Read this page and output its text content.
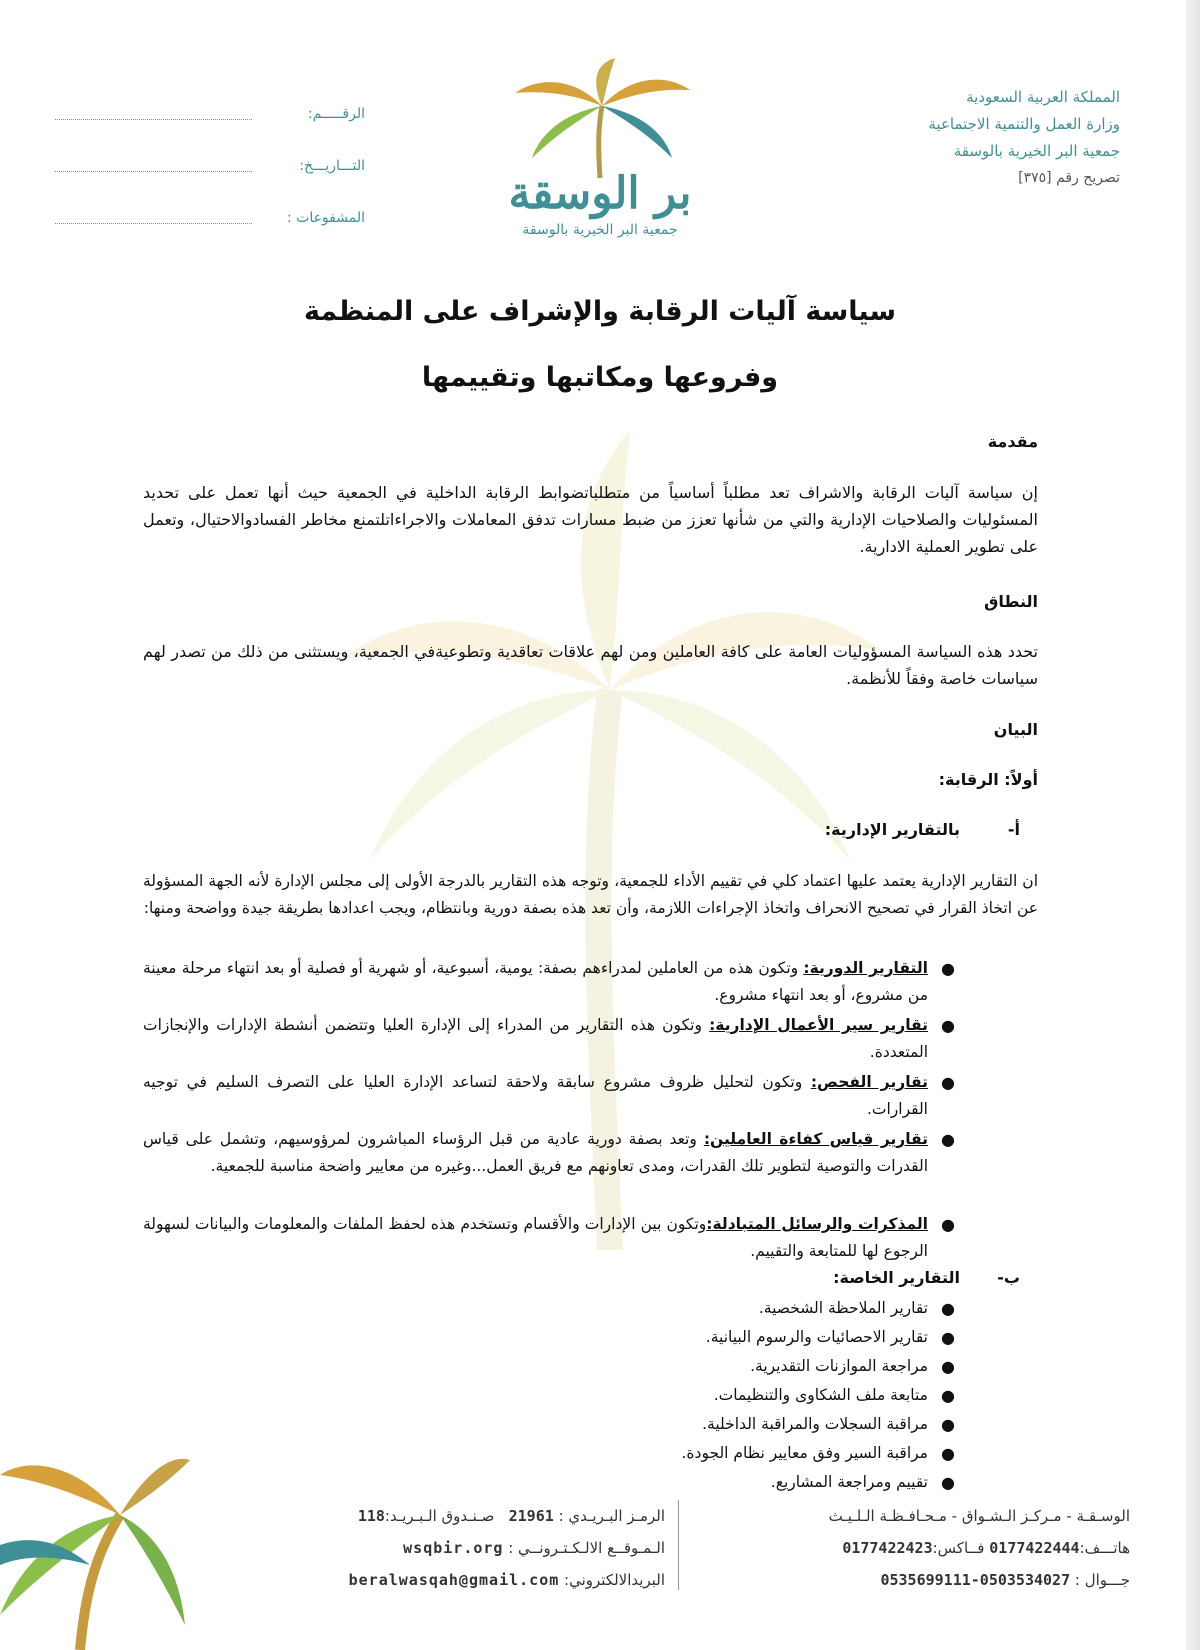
المملكة العربية السعودية
وزارة العمل والتنمية الاجتماعية
جمعية البر الخيرية بالوسقة
تصريح رقم [٣٧٥]
بر الوسقة
جمعية البر الخيرية بالوسقة
الرقـــــم:
التـــاريـــخ:
المشفوعات :
سياسة آليات الرقابة والإشراف على المنظمة
وفروعها ومكاتبها وتقييمها
مقدمة
إن سياسة آليات الرقابة والاشراف تعد مطلباً أساسياً من متطلباتضوابط الرقابة الداخلية في الجمعية حيث أنها تعمل على تحديد المسئوليات والصلاحيات الإدارية والتي من شأنها تعزز من ضبط مسارات تدفق المعاملات والاجراءاتلتمنع مخاطر الفسادوالاحتيال، وتعمل على تطوير العملية الادارية.
النطاق
تحدد هذه السياسة المسؤوليات العامة على كافة العاملين ومن لهم علاقات تعاقدية وتطوعيةفي الجمعية، ويستثنى من ذلك من تصدر لهم سياسات خاصة وفقاً للأنظمة.
البيان
أولاً: الرقابة:
أ-بالتقارير الإدارية:
ان التقارير الإدارية يعتمد عليها اعتماد كلي في تقييم الأداء للجمعية، وتوجه هذه التقارير بالدرجة الأولى إلى مجلس الإدارة لأنه الجهة المسؤولة عن اتخاذ القرار في تصحيح الانحراف واتخاذ الإجراءات اللازمة، وأن تعد هذه بصفة دورية وبانتظام، ويجب اعدادها بطريقة جيدة وواضحة ومنها:
●
التقارير الدورية: وتكون هذه من العاملين لمدراءهم بصفة: يومية، أسبوعية، أو شهرية أو فصلية أو بعد انتهاء مرحلة معينة من مشروع، أو بعد انتهاء مشروع.
●
تقارير سير الأعمال الإدارية: وتكون هذه التقارير من المدراء إلى الإدارة العليا وتتضمن أنشطة الإدارات والإنجازات المتعددة.
●
تقارير الفحص: وتكون لتحليل ظروف مشروع سابقة ولاحقة لتساعد الإدارة العليا على التصرف السليم في توجيه القرارات.
●
تقارير قياس كفاءة العاملين: وتعد بصفة دورية عادية من قبل الرؤساء المباشرون لمرؤوسيهم، وتشمل على قياس القدرات والتوصية لتطوير تلك القدرات، ومدى تعاونهم مع فريق العمل...وغيره من معايير واضحة مناسبة للجمعية.
●
المذكرات والرسائل المتبادلة:وتكون بين الإدارات والأقسام وتستخدم هذه لحفظ الملفات والمعلومات والبيانات لسهولة الرجوع لها للمتابعة والتقييم.
ب-التقارير الخاصة:
●
تقارير الملاحظة الشخصية.
●
تقارير الاحصائيات والرسوم البيانية.
●
مراجعة الموازنات التقديرية.
●
متابعة ملف الشكاوى والتنظيمات.
●
مراقبة السجلات والمراقبة الداخلية.
●
مراقبة السير وفق معايير نظام الجودة.
●
تقييم ومراجعة المشاريع.
الوسـقـة - مـركـز الـشـواق - مـحـافـظـة الـلـيـث
هاتـــف:0177422444 فــاكس:0177422423
جـــوال : 0535699111-0503534027
الرمـز البـريـدي : 21961   صـنـدوق الـبـريـد:118
الـمـوقــع الالـكـتـرونــي : wsqbir.org
البريدالالكتروني: beralwasqah@gmail.com
